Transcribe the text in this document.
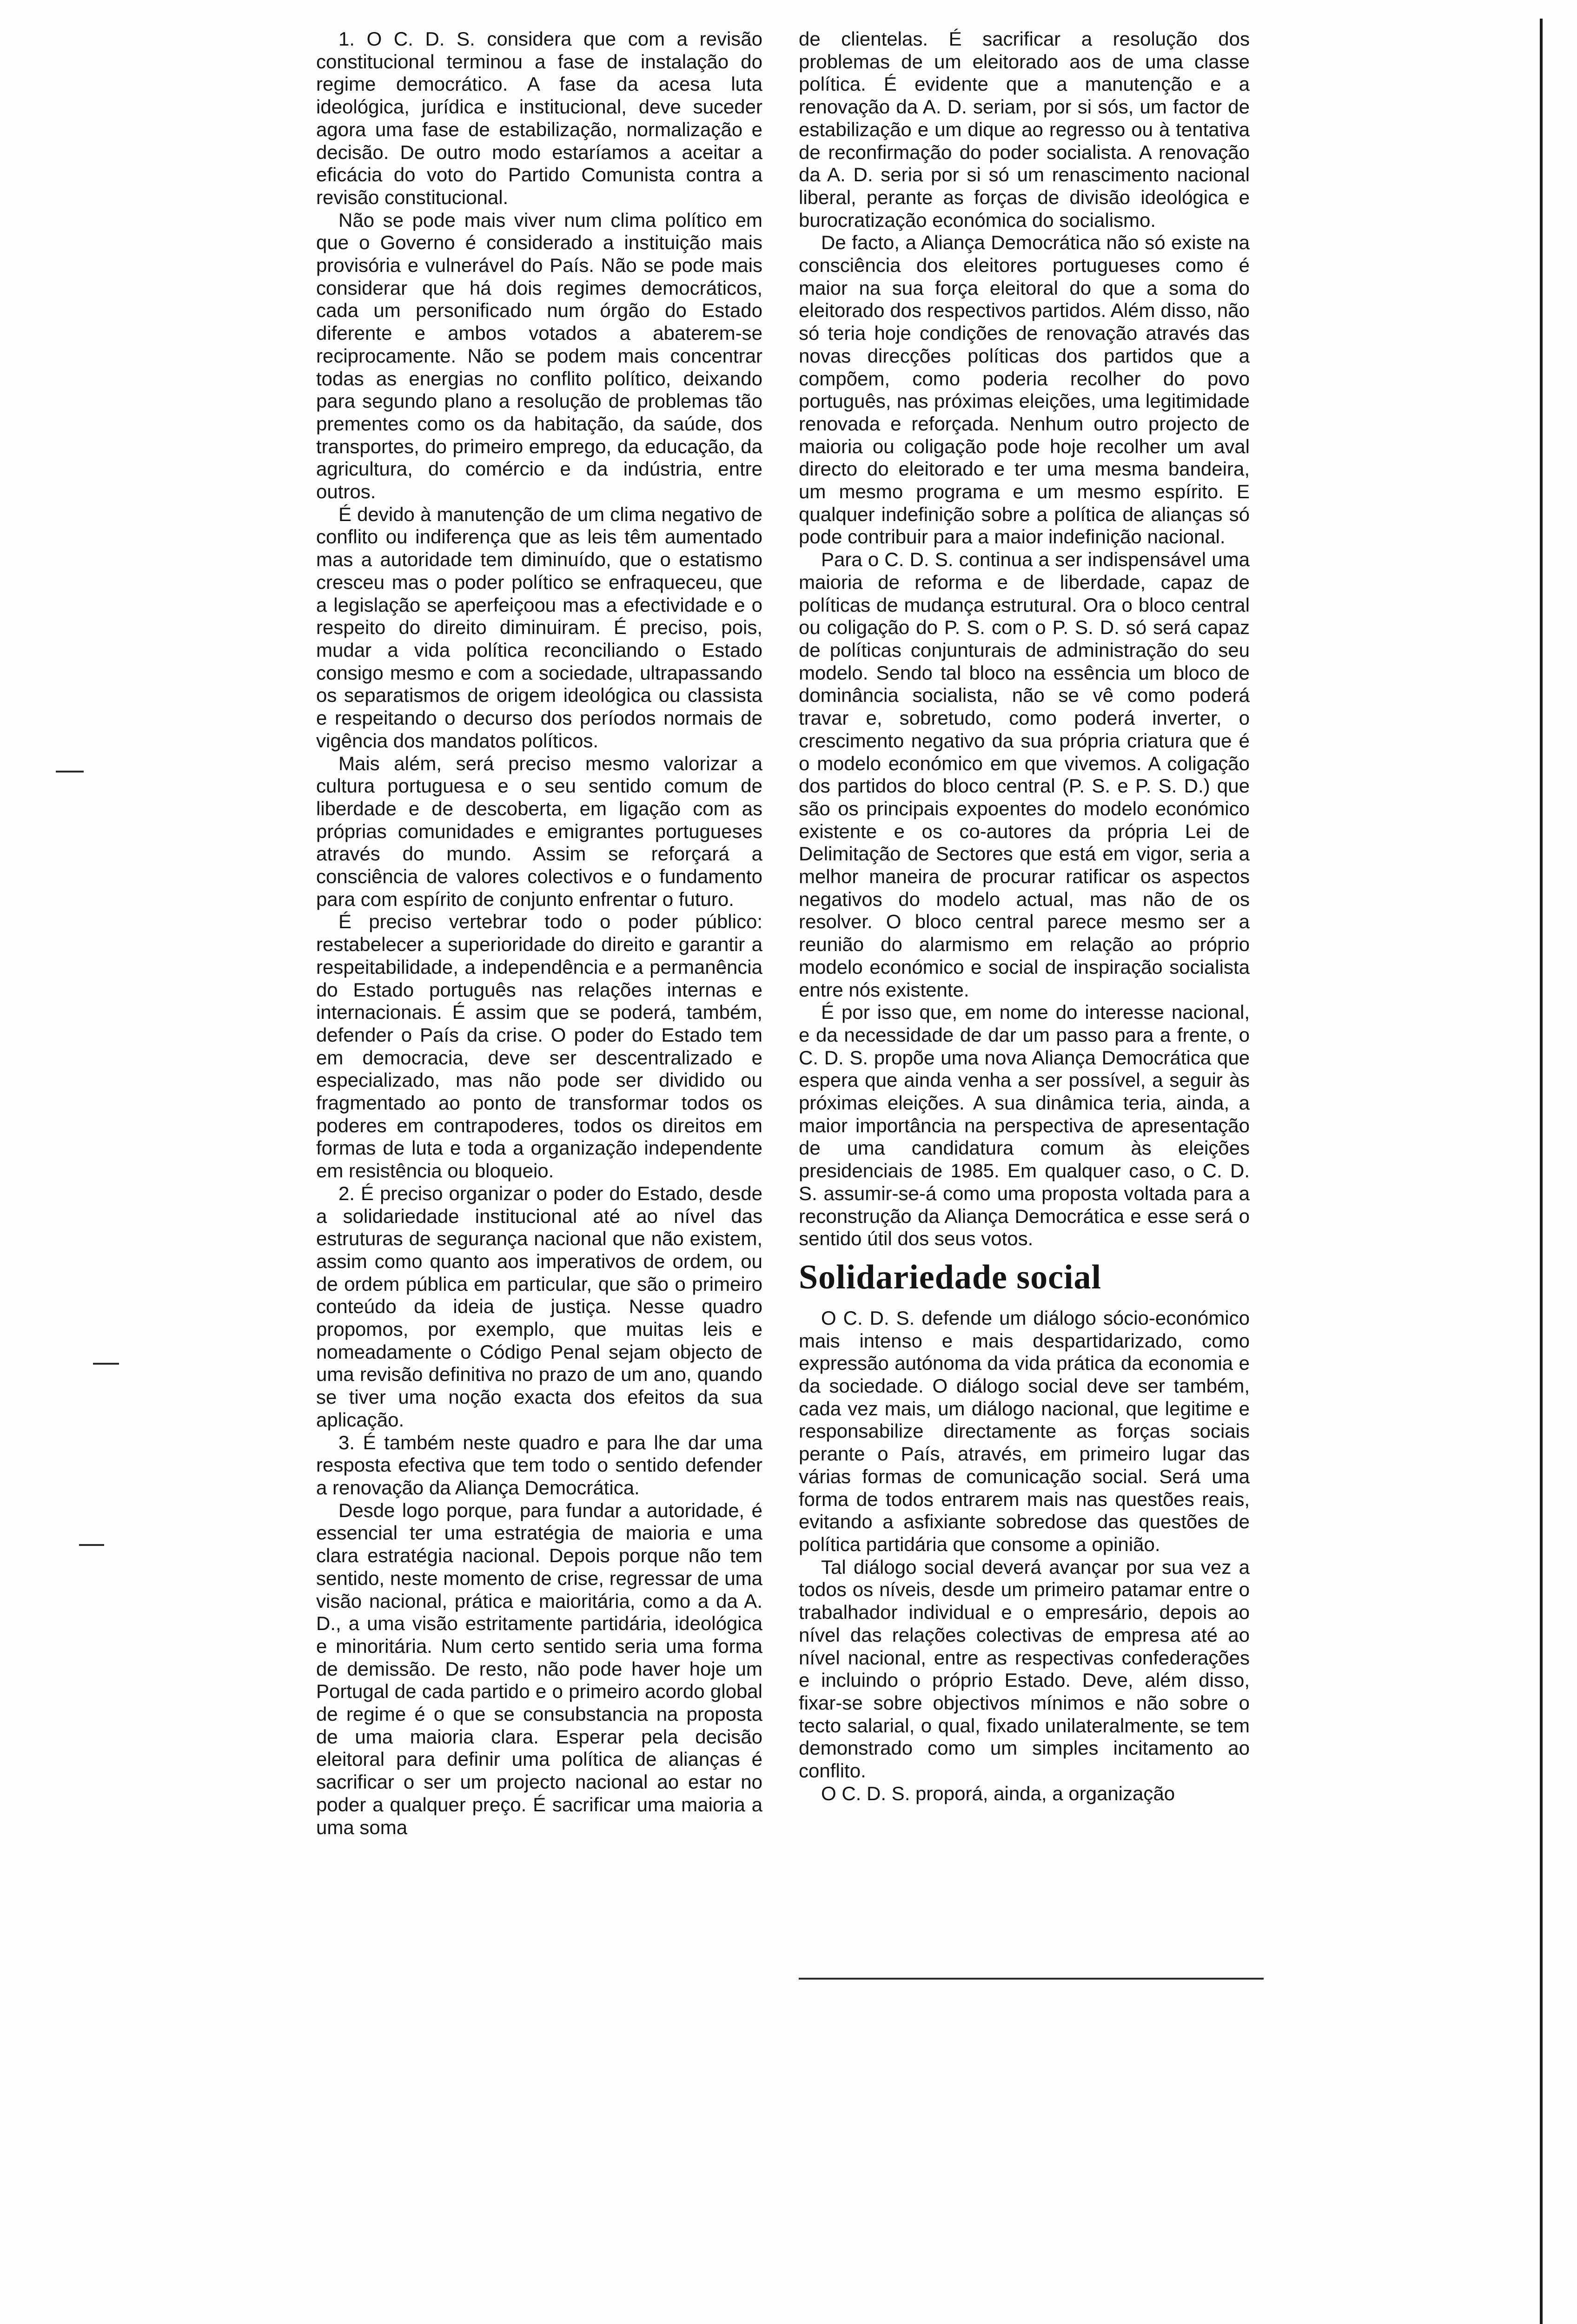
1. O C. D. S. considera que com a revisão constitucional terminou a fase de instalação do regime democrático. A fase da acesa luta ideológica, jurídica e institucional, deve suceder agora uma fase de estabilização, normalização e decisão. De outro modo estaríamos a aceitar a eficácia do voto do Partido Comunista contra a revisão constitucional.

Não se pode mais viver num clima político em que o Governo é considerado a instituição mais provisória e vulnerável do País. Não se pode mais considerar que há dois regimes democráticos, cada um personificado num órgão do Estado diferente e ambos votados a abaterem-se reciprocamente. Não se podem mais concentrar todas as energias no conflito político, deixando para segundo plano a resolução de problemas tão prementes como os da habitação, da saúde, dos transportes, do primeiro emprego, da educação, da agricultura, do comércio e da indústria, entre outros.

É devido à manutenção de um clima negativo de conflito ou indiferença que as leis têm aumentado mas a autoridade tem diminuído, que o estatismo cresceu mas o poder político se enfraqueceu, que a legislação se aperfeiçoou mas a efectividade e o respeito do direito diminuiram. É preciso, pois, mudar a vida política reconciliando o Estado consigo mesmo e com a sociedade, ultrapassando os separatismos de origem ideológica ou classista e respeitando o decurso dos períodos normais de vigência dos mandatos políticos.

Mais além, será preciso mesmo valorizar a cultura portuguesa e o seu sentido comum de liberdade e de descoberta, em ligação com as próprias comunidades e emigrantes portugueses através do mundo. Assim se reforçará a consciência de valores colectivos e o fundamento para com espírito de conjunto enfrentar o futuro.

É preciso vertebrar todo o poder público: restabelecer a superioridade do direito e garantir a respeitabilidade, a independência e a permanência do Estado português nas relações internas e internacionais. É assim que se poderá, também, defender o País da crise. O poder do Estado tem em democracia, deve ser descentralizado e especializado, mas não pode ser dividido ou fragmentado ao ponto de transformar todos os poderes em contrapoderes, todos os direitos em formas de luta e toda a organização independente em resistência ou bloqueio.

2. É preciso organizar o poder do Estado, desde a solidariedade institucional até ao nível das estruturas de segurança nacional que não existem, assim como quanto aos imperativos de ordem, ou de ordem pública em particular, que são o primeiro conteúdo da ideia de justiça. Nesse quadro propomos, por exemplo, que muitas leis e nomeadamente o Código Penal sejam objecto de uma revisão definitiva no prazo de um ano, quando se tiver uma noção exacta dos efeitos da sua aplicação.

3. É também neste quadro e para lhe dar uma resposta efectiva que tem todo o sentido defender a renovação da Aliança Democrática.

Desde logo porque, para fundar a autoridade, é essencial ter uma estratégia de maioria e uma clara estratégia nacional. Depois porque não tem sentido, neste momento de crise, regressar de uma visão nacional, prática e maioritária, como a da A. D., a uma visão estritamente partidária, ideológica e minoritária. Num certo sentido seria uma forma de demissão. De resto, não pode haver hoje um Portugal de cada partido e o primeiro acordo global de regime é o que se consubstancia na proposta de uma maioria clara. Esperar pela decisão eleitoral para definir uma política de alianças é sacrificar o ser um projecto nacional ao estar no poder a qualquer preço. É sacrificar uma maioria a uma soma

de clientelas. É sacrificar a resolução dos problemas de um eleitorado aos de uma classe política. É evidente que a manutenção e a renovação da A. D. seriam, por si sós, um factor de estabilização e um dique ao regresso ou à tentativa de reconfirmação do poder socialista. A renovação da A. D. seria por si só um renascimento nacional liberal, perante as forças de divisão ideológica e burocratização económica do socialismo.

De facto, a Aliança Democrática não só existe na consciência dos eleitores portugueses como é maior na sua força eleitoral do que a soma do eleitorado dos respectivos partidos. Além disso, não só teria hoje condições de renovação através das novas direcções políticas dos partidos que a compõem, como poderia recolher do povo português, nas próximas eleições, uma legitimidade renovada e reforçada. Nenhum outro projecto de maioria ou coligação pode hoje recolher um aval directo do eleitorado e ter uma mesma bandeira, um mesmo programa e um mesmo espírito. E qualquer indefinição sobre a política de alianças só pode contribuir para a maior indefinição nacional.

Para o C. D. S. continua a ser indispensável uma maioria de reforma e de liberdade, capaz de políticas de mudança estrutural. Ora o bloco central ou coligação do P. S. com o P. S. D. só será capaz de políticas conjunturais de administração do seu modelo. Sendo tal bloco na essência um bloco de dominância socialista, não se vê como poderá travar e, sobretudo, como poderá inverter, o crescimento negativo da sua própria criatura que é o modelo económico em que vivemos. A coligação dos partidos do bloco central (P. S. e P. S. D.) que são os principais expoentes do modelo económico existente e os co-autores da própria Lei de Delimitação de Sectores que está em vigor, seria a melhor maneira de procurar ratificar os aspectos negativos do modelo actual, mas não de os resolver. O bloco central parece mesmo ser a reunião do alarmismo em relação ao próprio modelo económico e social de inspiração socialista entre nós existente.

É por isso que, em nome do interesse nacional, e da necessidade de dar um passo para a frente, o C. D. S. propõe uma nova Aliança Democrática que espera que ainda venha a ser possível, a seguir às próximas eleições. A sua dinâmica teria, ainda, a maior importância na perspectiva de apresentação de uma candidatura comum às eleições presidenciais de 1985. Em qualquer caso, o C. D. S. assumir-se-á como uma proposta voltada para a reconstrução da Aliança Democrática e esse será o sentido útil dos seus votos.

Solidariedade social

O C. D. S. defende um diálogo sócio-económico mais intenso e mais despartidarizado, como expressão autónoma da vida prática da economia e da sociedade. O diálogo social deve ser também, cada vez mais, um diálogo nacional, que legitime e responsabilize directamente as forças sociais perante o País, através, em primeiro lugar das várias formas de comunicação social. Será uma forma de todos entrarem mais nas questões reais, evitando a asfixiante sobredose das questões de política partidária que consome a opinião.

Tal diálogo social deverá avançar por sua vez a todos os níveis, desde um primeiro patamar entre o trabalhador individual e o empresário, depois ao nível das relações colectivas de empresa até ao nível nacional, entre as respectivas confederações e incluindo o próprio Estado. Deve, além disso, fixar-se sobre objectivos mínimos e não sobre o tecto salarial, o qual, fixado unilateralmente, se tem demonstrado como um simples incitamento ao conflito.

O C. D. S. proporá, ainda, a organização
